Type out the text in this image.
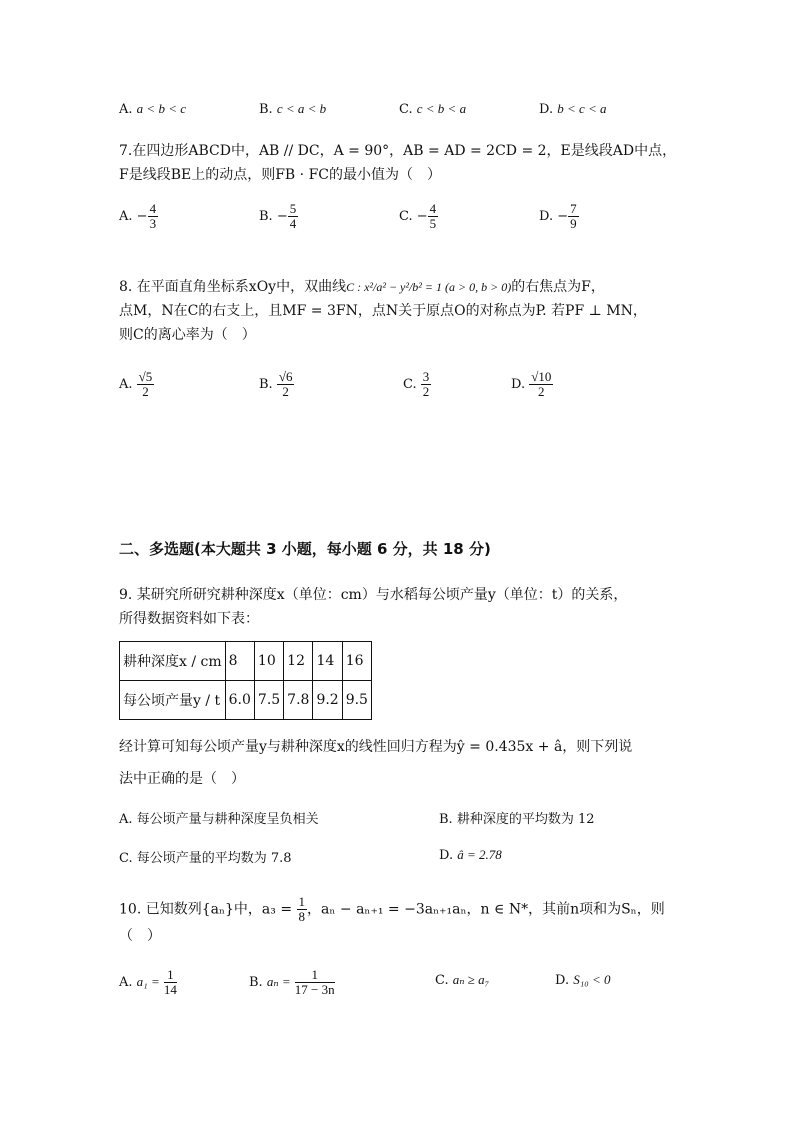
A. a < b < c	B. c < a < b	C. c < b < a	D. b < c < a
7.在四边形ABCD中，AB // DC，A = 90°，AB = AD = 2CD = 2，E是线段AD中点，
F是线段BE上的动点，则FB · FC的最小值为（　）
A. − $\frac{4}{3}$	B. − $\frac{5}{4}$	C. − $\frac{4}{5}$	D. − $\frac{7}{9}$
8. 在平面直角坐标系xOy中，双曲线C : x²/a² − y²/b² = 1 (a > 0, b > 0)的右焦点为F，
点M，N在C的右支上，且MF = 3FN，点N关于原点O的对称点为P. 若PF ⊥ MN，
则C的离心率为（　）
A. $\frac{√5}{2}$	B. $\frac{√6}{2}$	C. $\frac{3}{2}$	D. $\frac{√10}{2}$
二、多选题(本大题共 3 小题，每小题 6 分，共 18 分)
9. 某研究所研究耕种深度x（单位：cm）与水稻每公顷产量y（单位：t）的关系，
所得数据资料如下表：
耕种深度x / cm	8	10	12	14	16
每公顷产量y / t	6.0	7.5	7.8	9.2	9.5
经计算可知每公顷产量y与耕种深度x的线性回归方程为ŷ = 0.435x + â，则下列说
法中正确的是（　）
A. 每公顷产量与耕种深度呈负相关	B. 耕种深度的平均数为 12
C. 每公顷产量的平均数为 7.8	D. â = 2.78
10. 已知数列{aₙ}中，$a_3 = \frac{1}{8}$ ，aₙ − aₙ₊₁ = −3aₙ₊₁aₙ，n ∈ N*，其前n项和为Sₙ，则
（　）
A. $a_1 = \frac{1}{14}$	B. $a_n = \frac{1}{17 - 3n}$	C. aₙ ≥ a₇	D. S₁₀ < 0
